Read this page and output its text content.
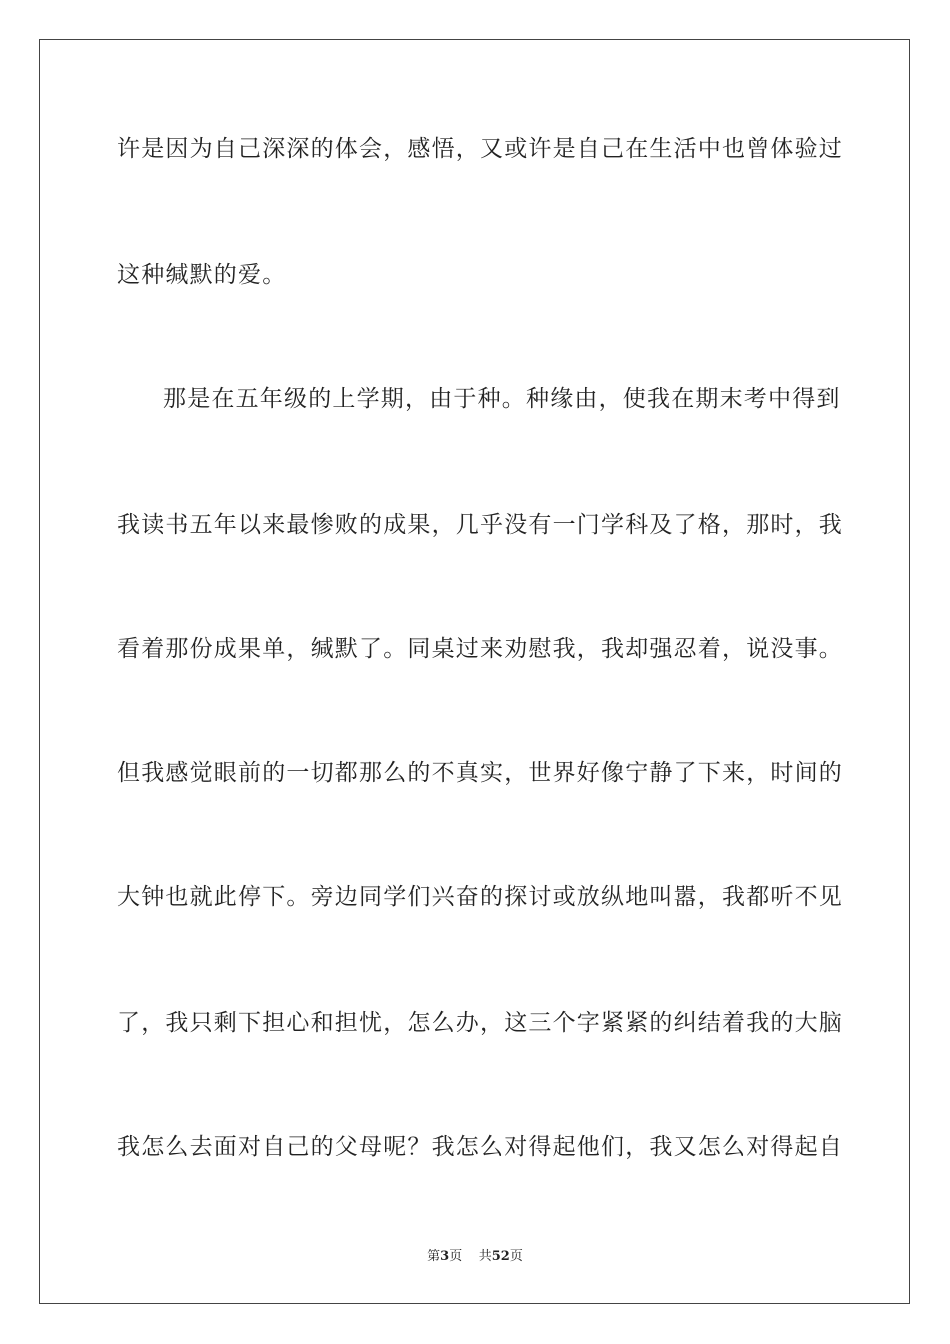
许是因为自己深深的体会，感悟，又或许是自己在生活中也曾体验过
这种缄默的爱。
那是在五年级的上学期，由于种。种缘由，使我在期末考中得到
我读书五年以来最惨败的成果，几乎没有一门学科及了格，那时，我
看着那份成果单，缄默了。同桌过来劝慰我，我却强忍着，说没事。
但我感觉眼前的一切都那么的不真实，世界好像宁静了下来，时间的
大钟也就此停下。旁边同学们兴奋的探讨或放纵地叫嚣，我都听不见
了，我只剩下担心和担忧，怎么办，这三个字紧紧的纠结着我的大脑
我怎么去面对自己的父母呢？我怎么对得起他们，我又怎么对得起自
第3页 共52页
